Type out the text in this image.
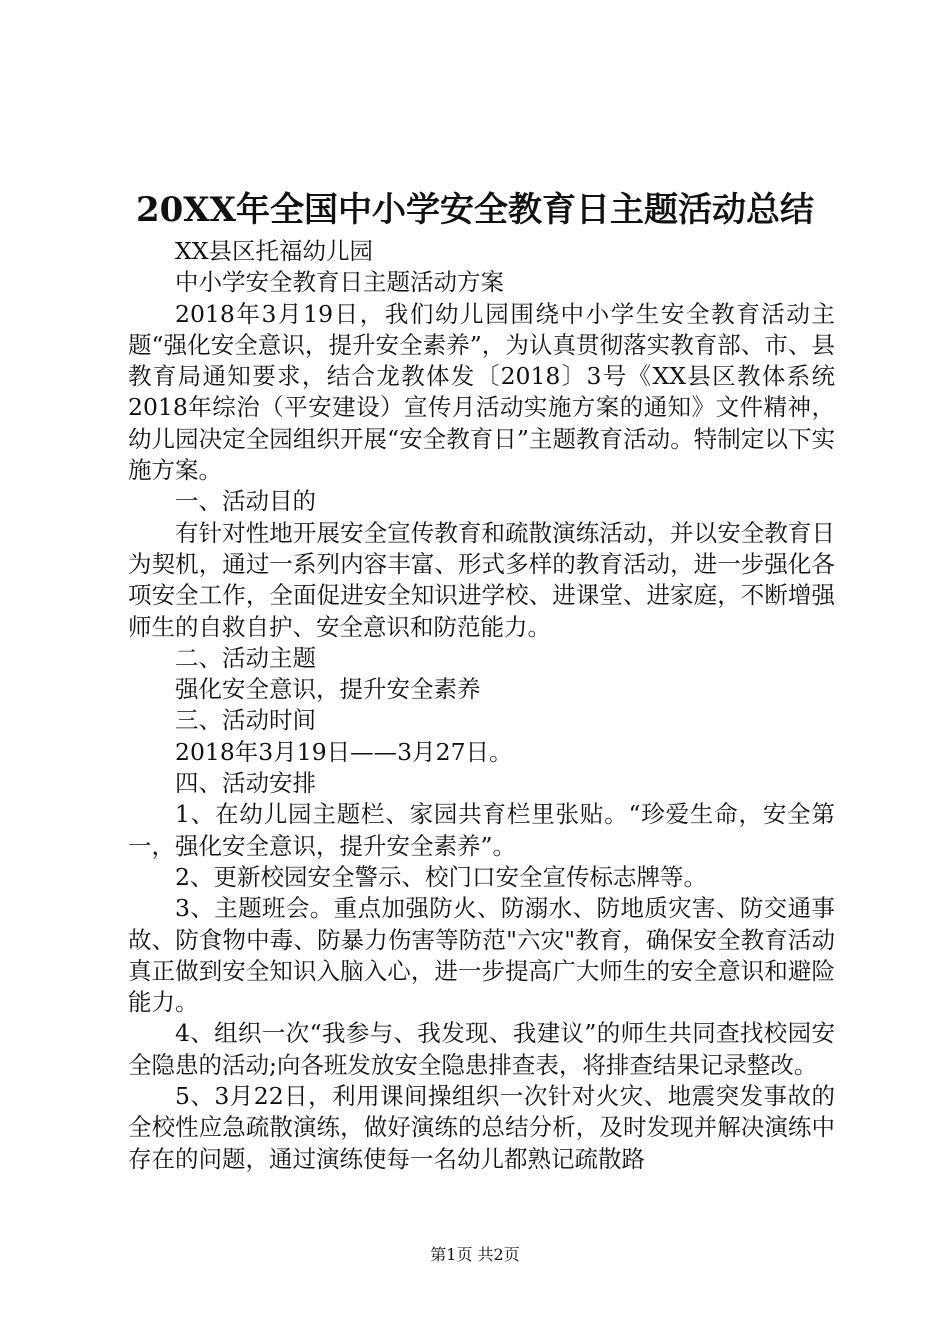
20XX年全国中小学安全教育日主题活动总结

XX县区托福幼儿园

中小学安全教育日主题活动方案

2018年3月19日，我们幼儿园围绕中小学生安全教育活动主题“强化安全意识，提升安全素养”，为认真贯彻落实教育部、市、县教育局通知要求，结合龙教体发〔2018〕3号《XX县区教体系统2018年综治（平安建设）宣传月活动实施方案的通知》文件精神，幼儿园决定全园组织开展“安全教育日”主题教育活动。特制定以下实施方案。

一、活动目的

有针对性地开展安全宣传教育和疏散演练活动，并以安全教育日为契机，通过一系列内容丰富、形式多样的教育活动，进一步强化各项安全工作，全面促进安全知识进学校、进课堂、进家庭，不断增强师生的自救自护、安全意识和防范能力。

二、活动主题

强化安全意识，提升安全素养

三、活动时间

2018年3月19日——3月27日。

四、活动安排

1、在幼儿园主题栏、家园共育栏里张贴。“珍爱生命，安全第一，强化安全意识，提升安全素养”。

2、更新校园安全警示、校门口安全宣传标志牌等。

3、主题班会。重点加强防火、防溺水、防地质灾害、防交通事故、防食物中毒、防暴力伤害等防范"六灾"教育，确保安全教育活动真正做到安全知识入脑入心，进一步提高广大师生的安全意识和避险能力。

4、组织一次“我参与、我发现、我建议”的师生共同查找校园安全隐患的活动;向各班发放安全隐患排查表，将排查结果记录整改。

5、3月22日，利用课间操组织一次针对火灾、地震突发事故的全校性应急疏散演练，做好演练的总结分析，及时发现并解决演练中存在的问题，通过演练使每一名幼儿都熟记疏散路

第1页 共2页
